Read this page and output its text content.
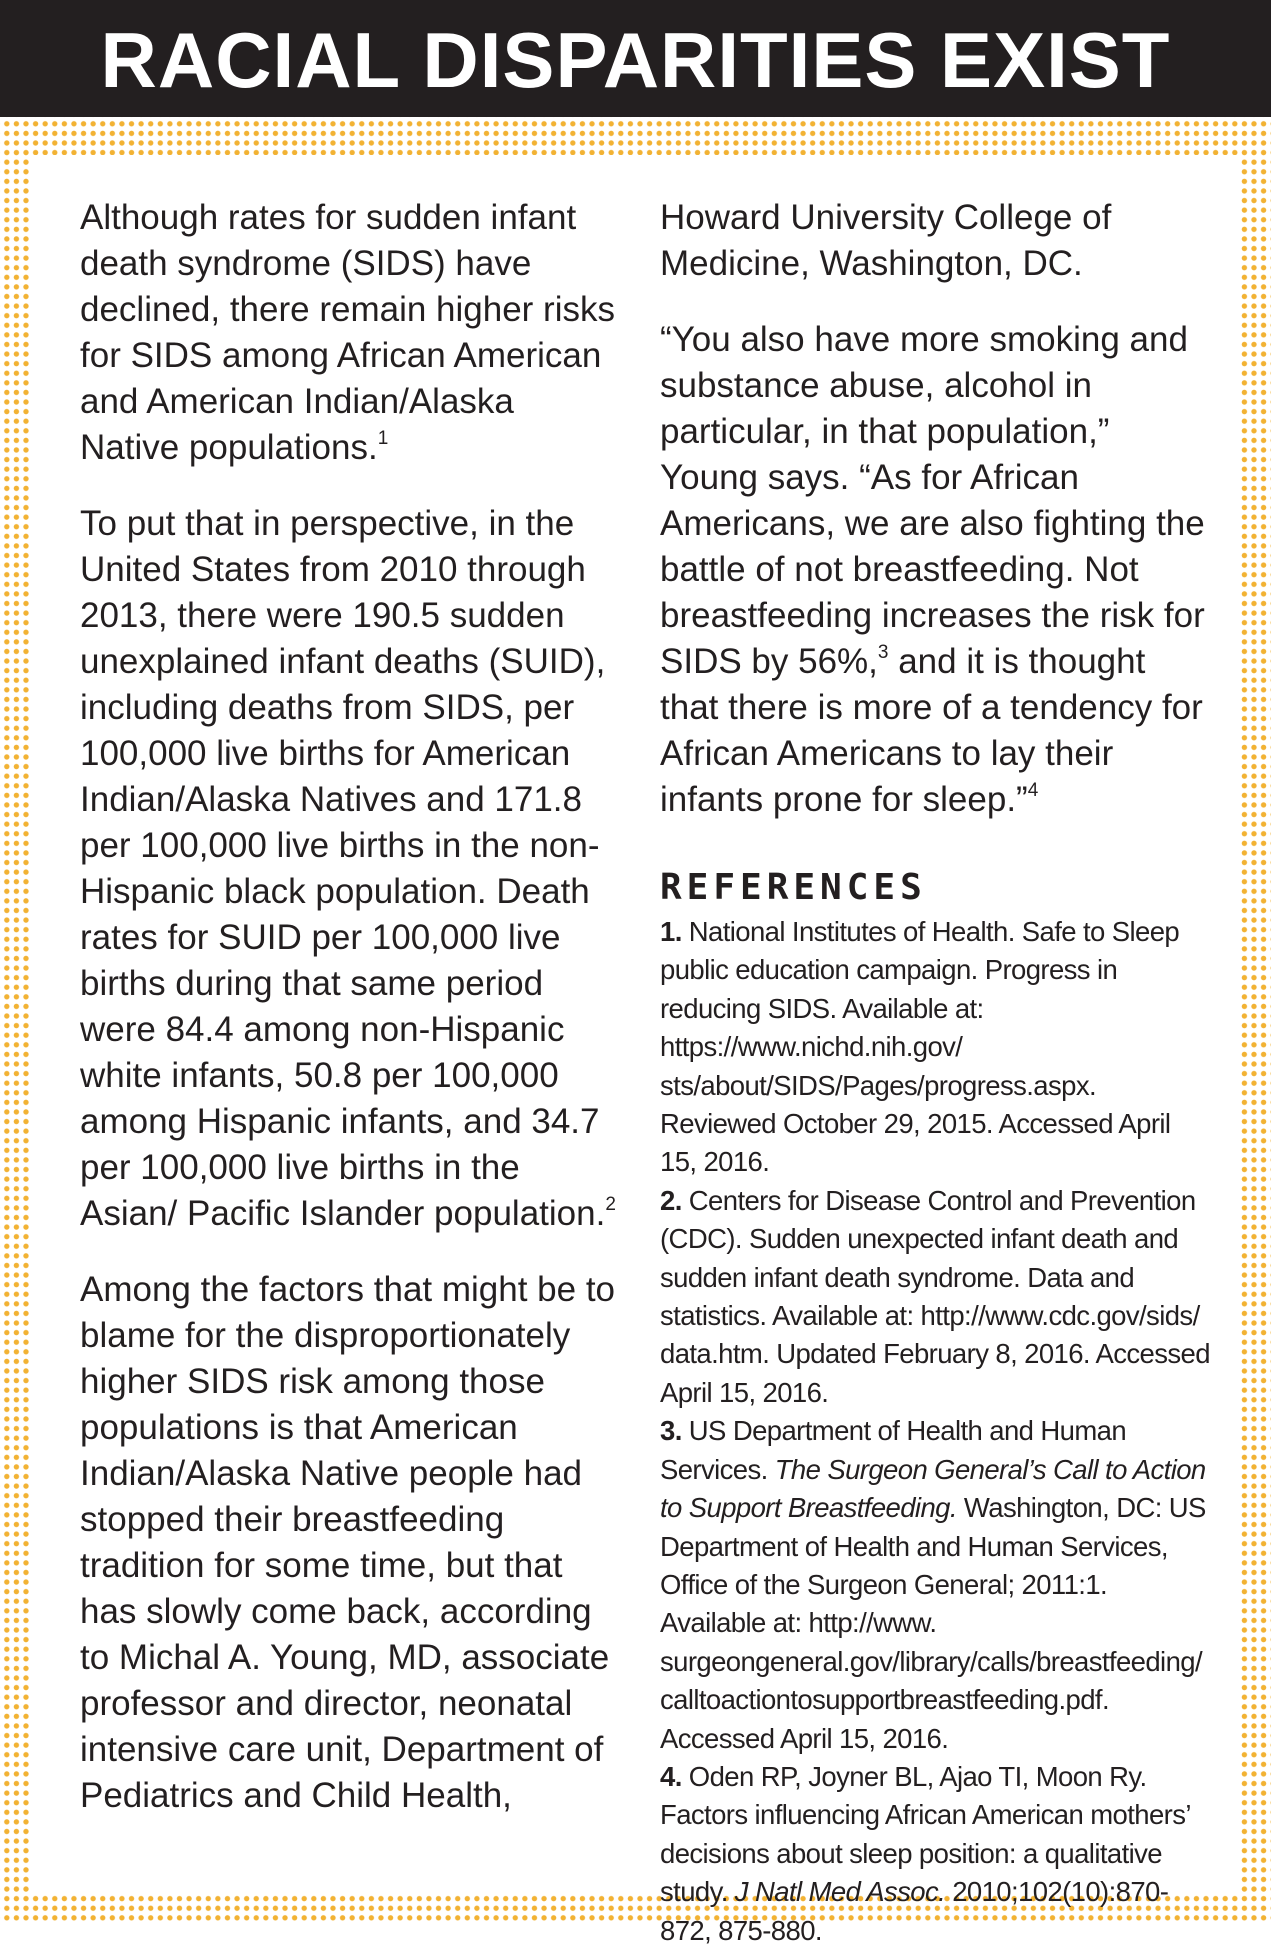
RACIAL DISPARITIES EXIST

Although rates for sudden infant death syndrome (SIDS) have declined, there remain higher risks for SIDS among African American and American Indian/Alaska Native populations.$^1$

To put that in perspective, in the United States from 2010 through 2013, there were 190.5 sudden unexplained infant deaths (SUID), including deaths from SIDS, per 100,000 live births for American Indian/Alaska Natives and 171.8 per 100,000 live births in the non-Hispanic black population. Death rates for SUID per 100,000 live births during that same period were 84.4 among non-Hispanic white infants, 50.8 per 100,000 among Hispanic infants, and 34.7 per 100,000 live births in the Asian/ Pacific Islander population.$^2$

Among the factors that might be to blame for the disproportionately higher SIDS risk among those populations is that American Indian/Alaska Native people had stopped their breastfeeding tradition for some time, but that has slowly come back, according to Michal A. Young, MD, associate professor and director, neonatal intensive care unit, Department of Pediatrics and Child Health,

Howard University College of Medicine, Washington, DC.

“You also have more smoking and substance abuse, alcohol in particular, in that population,” Young says. “As for African Americans, we are also fighting the battle of not breastfeeding. Not breastfeeding increases the risk for SIDS by 56%,$^3$ and it is thought that there is more of a tendency for African Americans to lay their infants prone for sleep.”$^4$

REFERENCES
1. National Institutes of Health. Safe to Sleep public education campaign. Progress in reducing SIDS. Available at: https://www.nichd.nih.gov/ sts/about/SIDS/Pages/progress.aspx. Reviewed October 29, 2015. Accessed April 15, 2016.
2. Centers for Disease Control and Prevention (CDC). Sudden unexpected infant death and sudden infant death syndrome. Data and statistics. Available at: http://www.cdc.gov/sids/ data.htm. Updated February 8, 2016. Accessed April 15, 2016.
3. US Department of Health and Human Services. The Surgeon General’s Call to Action to Support Breastfeeding. Washington, DC: US Department of Health and Human Services, Office of the Surgeon General; 2011:1. Available at: http://www. surgeongeneral.gov/library/calls/breastfeeding/ calltoactiontosupportbreastfeeding.pdf. Accessed April 15, 2016.
4. Oden RP, Joyner BL, Ajao TI, Moon Ry. Factors influencing African American mothers’ decisions about sleep position: a qualitative study. J Natl Med Assoc. 2010;102(10):870-872, 875-880.
